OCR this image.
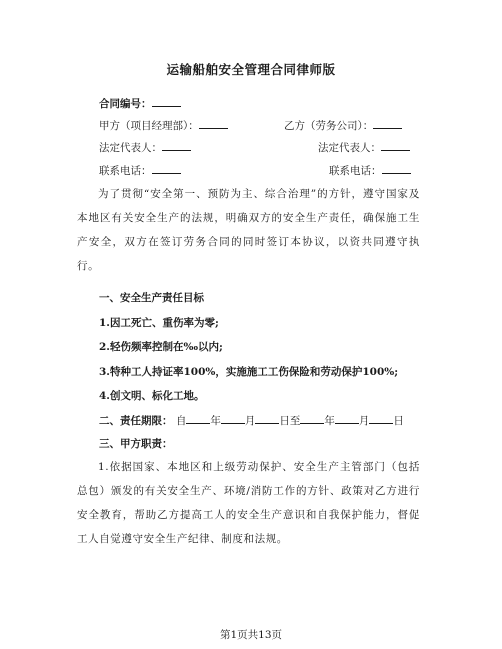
运输船舶安全管理合同律师版
合同编号：
甲方（项目经理部）：	乙方（劳务公司）：
法定代表人：	法定代表人：
联系电话：	联系电话：
为了贯彻“安全第一、预防为主、综合治理”的方针，遵守国家及本地区有关安全生产的法规，明确双方的安全生产责任，确保施工生产安全，双方在签订劳务合同的同时签订本协议，以资共同遵守执行。
一、安全生产责任目标
1.因工死亡、重伤率为零;
2.轻伤频率控制在‰以内;
3.特种工人持证率100%，实施施工工伤保险和劳动保护100%;
4.创文明、标化工地。
二、责任期限： 自 年 月 日至 年 月 日
三、甲方职责：
1.依据国家、本地区和上级劳动保护、安全生产主管部门（包括总包）颁发的有关安全生产、环境/消防工作的方针、政策对乙方进行安全教育，帮助乙方提高工人的安全生产意识和自我保护能力，督促工人自觉遵守安全生产纪律、制度和法规。
第1页共13页
